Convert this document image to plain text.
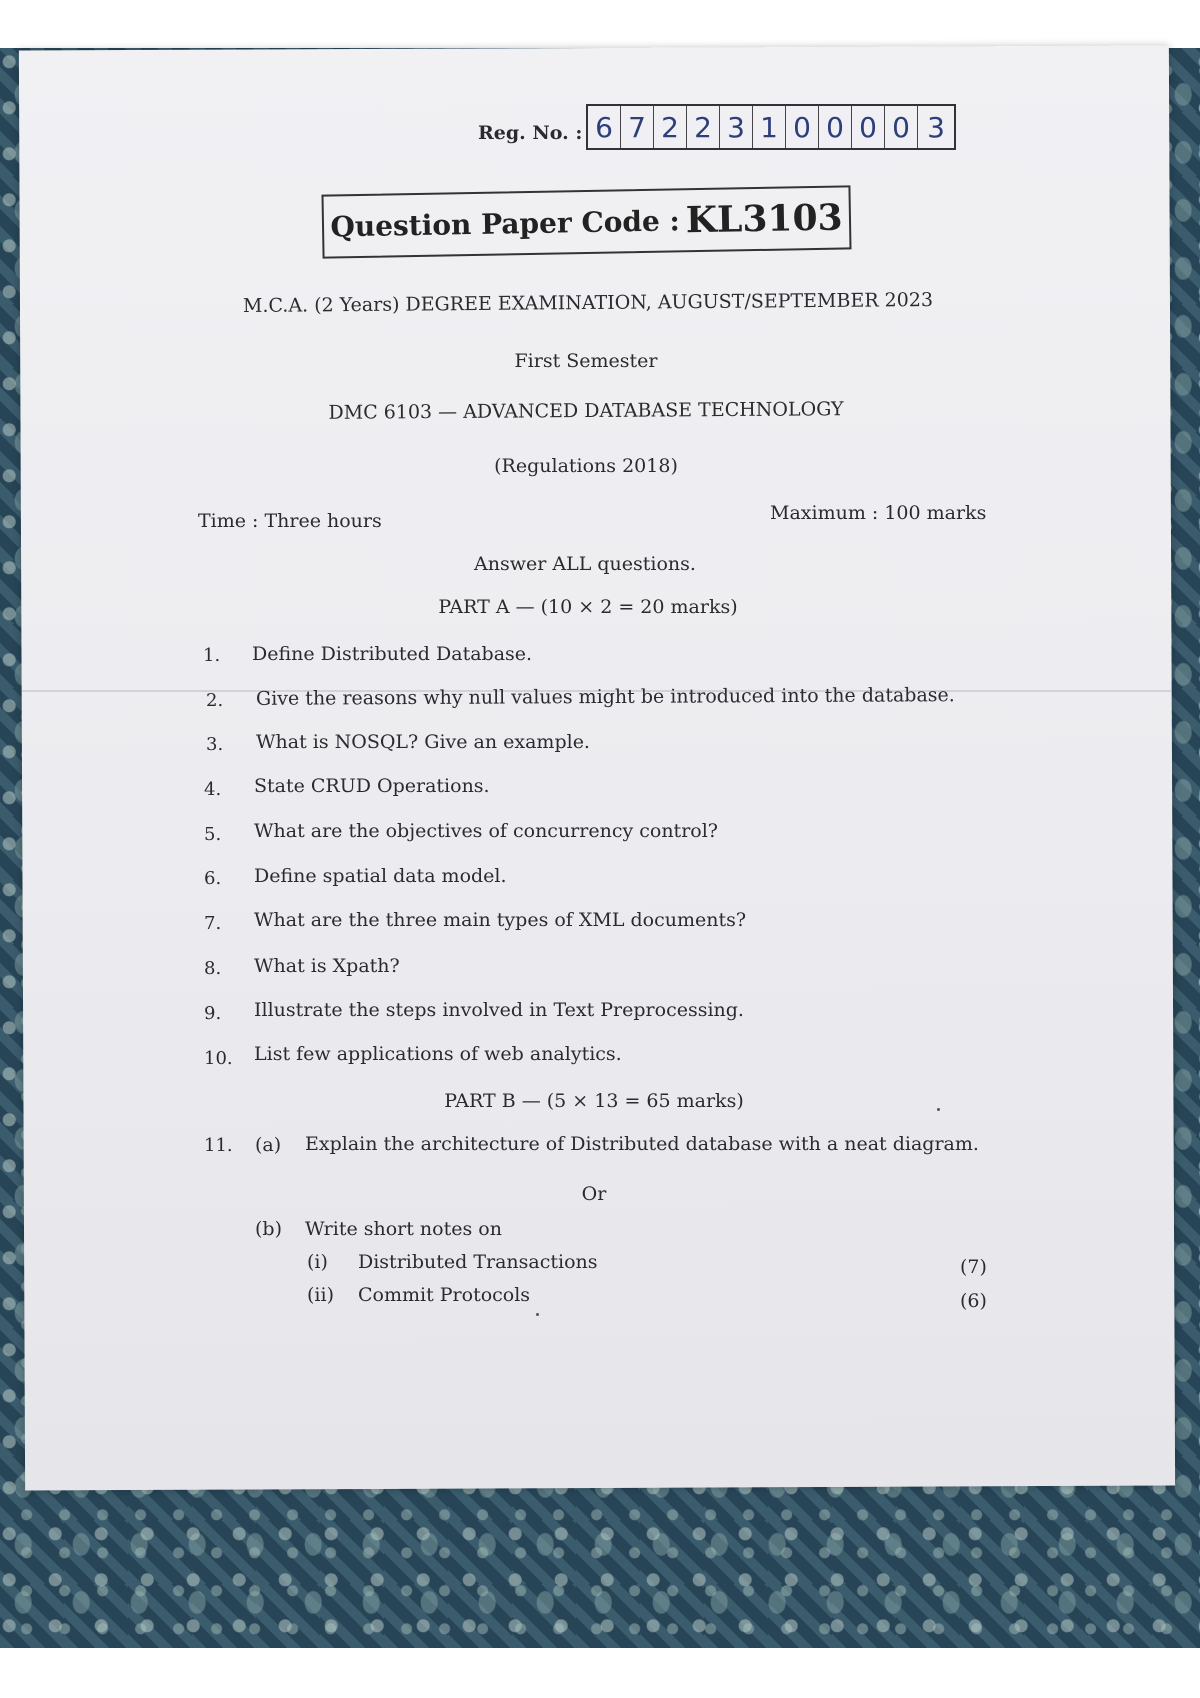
Reg. No. : 6 7 2 2 3 1 0 0 0 0 3
Question Paper Code : KL3103
M.C.A. (2 Years) DEGREE EXAMINATION, AUGUST/SEPTEMBER 2023
First Semester
DMC 6103 — ADVANCED DATABASE TECHNOLOGY
(Regulations 2018)
Time : Three hours	Maximum : 100 marks
Answer ALL questions.
PART A — (10 × 2 = 20 marks)
1. Define Distributed Database.
2. Give the reasons why null values might be introduced into the database.
3. What is NOSQL? Give an example.
4. State CRUD Operations.
5. What are the objectives of concurrency control?
6. Define spatial data model.
7. What are the three main types of XML documents?
8. What is Xpath?
9. Illustrate the steps involved in Text Preprocessing.
10. List few applications of web analytics.
PART B — (5 × 13 = 65 marks)
11. (a) Explain the architecture of Distributed database with a neat diagram.
Or
(b) Write short notes on
(i) Distributed Transactions	(7)
(ii) Commit Protocols	(6)
